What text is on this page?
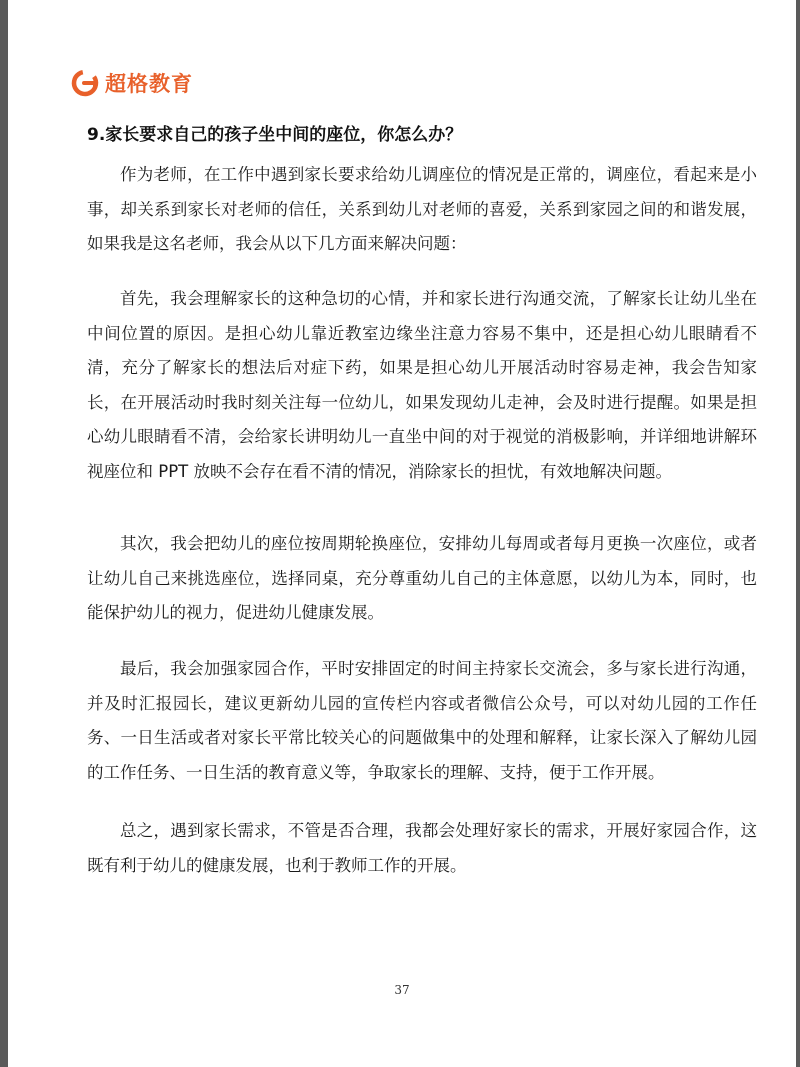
超格教育
9.家长要求自己的孩子坐中间的座位，你怎么办？
作为老师，在工作中遇到家长要求给幼儿调座位的情况是正常的，调座位，看起来是小事，却关系到家长对老师的信任，关系到幼儿对老师的喜爱，关系到家园之间的和谐发展，如果我是这名老师，我会从以下几方面来解决问题：
首先，我会理解家长的这种急切的心情，并和家长进行沟通交流，了解家长让幼儿坐在中间位置的原因。是担心幼儿靠近教室边缘坐注意力容易不集中，还是担心幼儿眼睛看不清，充分了解家长的想法后对症下药，如果是担心幼儿开展活动时容易走神，我会告知家长，在开展活动时我时刻关注每一位幼儿，如果发现幼儿走神，会及时进行提醒。如果是担心幼儿眼睛看不清，会给家长讲明幼儿一直坐中间的对于视觉的消极影响，并详细地讲解环视座位和 PPT 放映不会存在看不清的情况，消除家长的担忧，有效地解决问题。
其次，我会把幼儿的座位按周期轮换座位，安排幼儿每周或者每月更换一次座位，或者让幼儿自己来挑选座位，选择同桌，充分尊重幼儿自己的主体意愿，以幼儿为本，同时，也能保护幼儿的视力，促进幼儿健康发展。
最后，我会加强家园合作，平时安排固定的时间主持家长交流会，多与家长进行沟通，并及时汇报园长，建议更新幼儿园的宣传栏内容或者微信公众号，可以对幼儿园的工作任务、一日生活或者对家长平常比较关心的问题做集中的处理和解释，让家长深入了解幼儿园的工作任务、一日生活的教育意义等，争取家长的理解、支持，便于工作开展。
总之，遇到家长需求，不管是否合理，我都会处理好家长的需求，开展好家园合作，这既有利于幼儿的健康发展，也利于教师工作的开展。
37
